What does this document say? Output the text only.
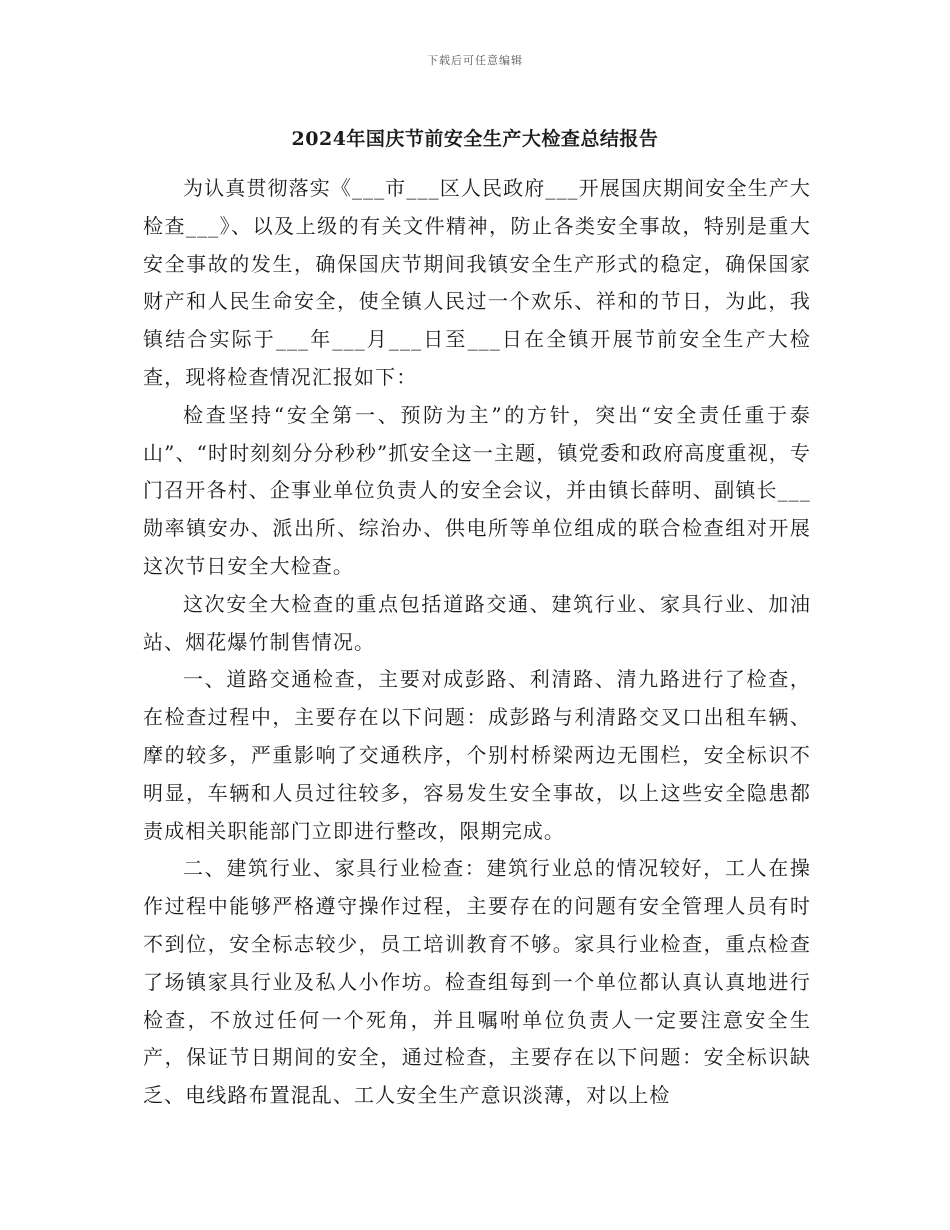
下载后可任意编辑
2024年国庆节前安全生产大检查总结报告

为认真贯彻落实《___市___区人民政府___开展国庆期间安全生产大检查___》、以及上级的有关文件精神，防止各类安全事故，特别是重大安全事故的发生，确保国庆节期间我镇安全生产形式的稳定，确保国家财产和人民生命安全，使全镇人民过一个欢乐、祥和的节日，为此，我镇结合实际于___年___月___日至___日在全镇开展节前安全生产大检查，现将检查情况汇报如下：

检查坚持“安全第一、预防为主”的方针，突出“安全责任重于泰山”、“时时刻刻分分秒秒”抓安全这一主题，镇党委和政府高度重视，专门召开各村、企事业单位负责人的安全会议，并由镇长薛明、副镇长___勋率镇安办、派出所、综治办、供电所等单位组成的联合检查组对开展这次节日安全大检查。

这次安全大检查的重点包括道路交通、建筑行业、家具行业、加油站、烟花爆竹制售情况。

一、道路交通检查，主要对成彭路、利清路、清九路进行了检查，在检查过程中，主要存在以下问题：成彭路与利清路交叉口出租车辆、摩的较多，严重影响了交通秩序，个别村桥梁两边无围栏，安全标识不明显，车辆和人员过往较多，容易发生安全事故，以上这些安全隐患都责成相关职能部门立即进行整改，限期完成。

二、建筑行业、家具行业检查：建筑行业总的情况较好，工人在操作过程中能够严格遵守操作过程，主要存在的问题有安全管理人员有时不到位，安全标志较少，员工培训教育不够。家具行业检查，重点检查了场镇家具行业及私人小作坊。检查组每到一个单位都认真认真地进行检查，不放过任何一个死角，并且嘱咐单位负责人一定要注意安全生产，保证节日期间的安全，通过检查，主要存在以下问题：安全标识缺乏、电线路布置混乱、工人安全生产意识淡薄，对以上检
